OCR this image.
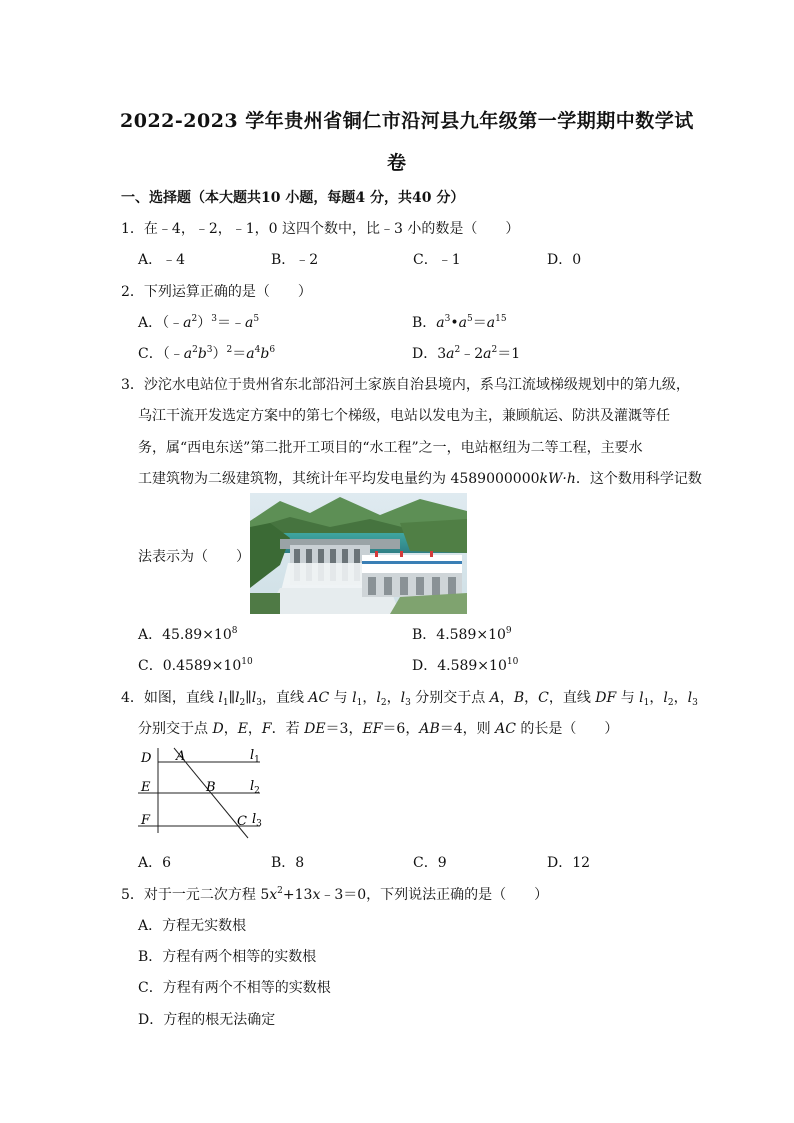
2022-2023 学年贵州省铜仁市沿河县九年级第一学期期中数学试
卷
一、选择题（本大题共10 小题，每题4 分，共40 分）
1．在﹣4，﹣2，﹣1，0 这四个数中，比﹣3 小的数是（　　）
A．﹣4	B．﹣2	C．﹣1	D．0
2．下列运算正确的是（　　）
A．$(﹣a^2)^3=﹣a^5$	B．$a^3•a^5=a^{15}$
C．$(﹣a^2b^3)^2=a^4b^6$	D．$3a^2﹣2a^2=1$
3．沙沱水电站位于贵州省东北部沿河土家族自治县境内，系乌江流域梯级规划中的第九级，
乌江干流开发选定方案中的第七个梯级，电站以发电为主，兼顾航运、防洪及灌溉等任
务，属“西电东送”第二批开工项目的“水工程”之一，电站枢纽为二等工程，主要水
工建筑物为二级建筑物，其统计年平均发电量约为 4589000000kW·h．这个数用科学记数
法表示为（　　）
A．$45.89\times 10^8$	B．$4.589\times 10^9$
C．$0.4589\times 10^{10}$	D．$4.589\times 10^{10}$
4．如图，直线 $l_1\parallel l_2\parallel l_3$，直线 AC 与 $l_1$，$l_2$，$l_3$ 分别交于点 A，B，C，直线 DF 与 $l_1$，$l_2$，$l_3$
分别交于点 D，E，F．若 DE＝3，EF＝6，AB＝4，则 AC 的长是（　　）
D A
E	B
F	C
$l_1$
$l_2$
$l_3$
A．6	B．8	C．9	D．12
5．对于一元二次方程 $5x^2+13x﹣3=0$，下列说法正确的是（　　）
A．方程无实数根
B．方程有两个相等的实数根
C．方程有两个不相等的实数根
D．方程的根无法确定
